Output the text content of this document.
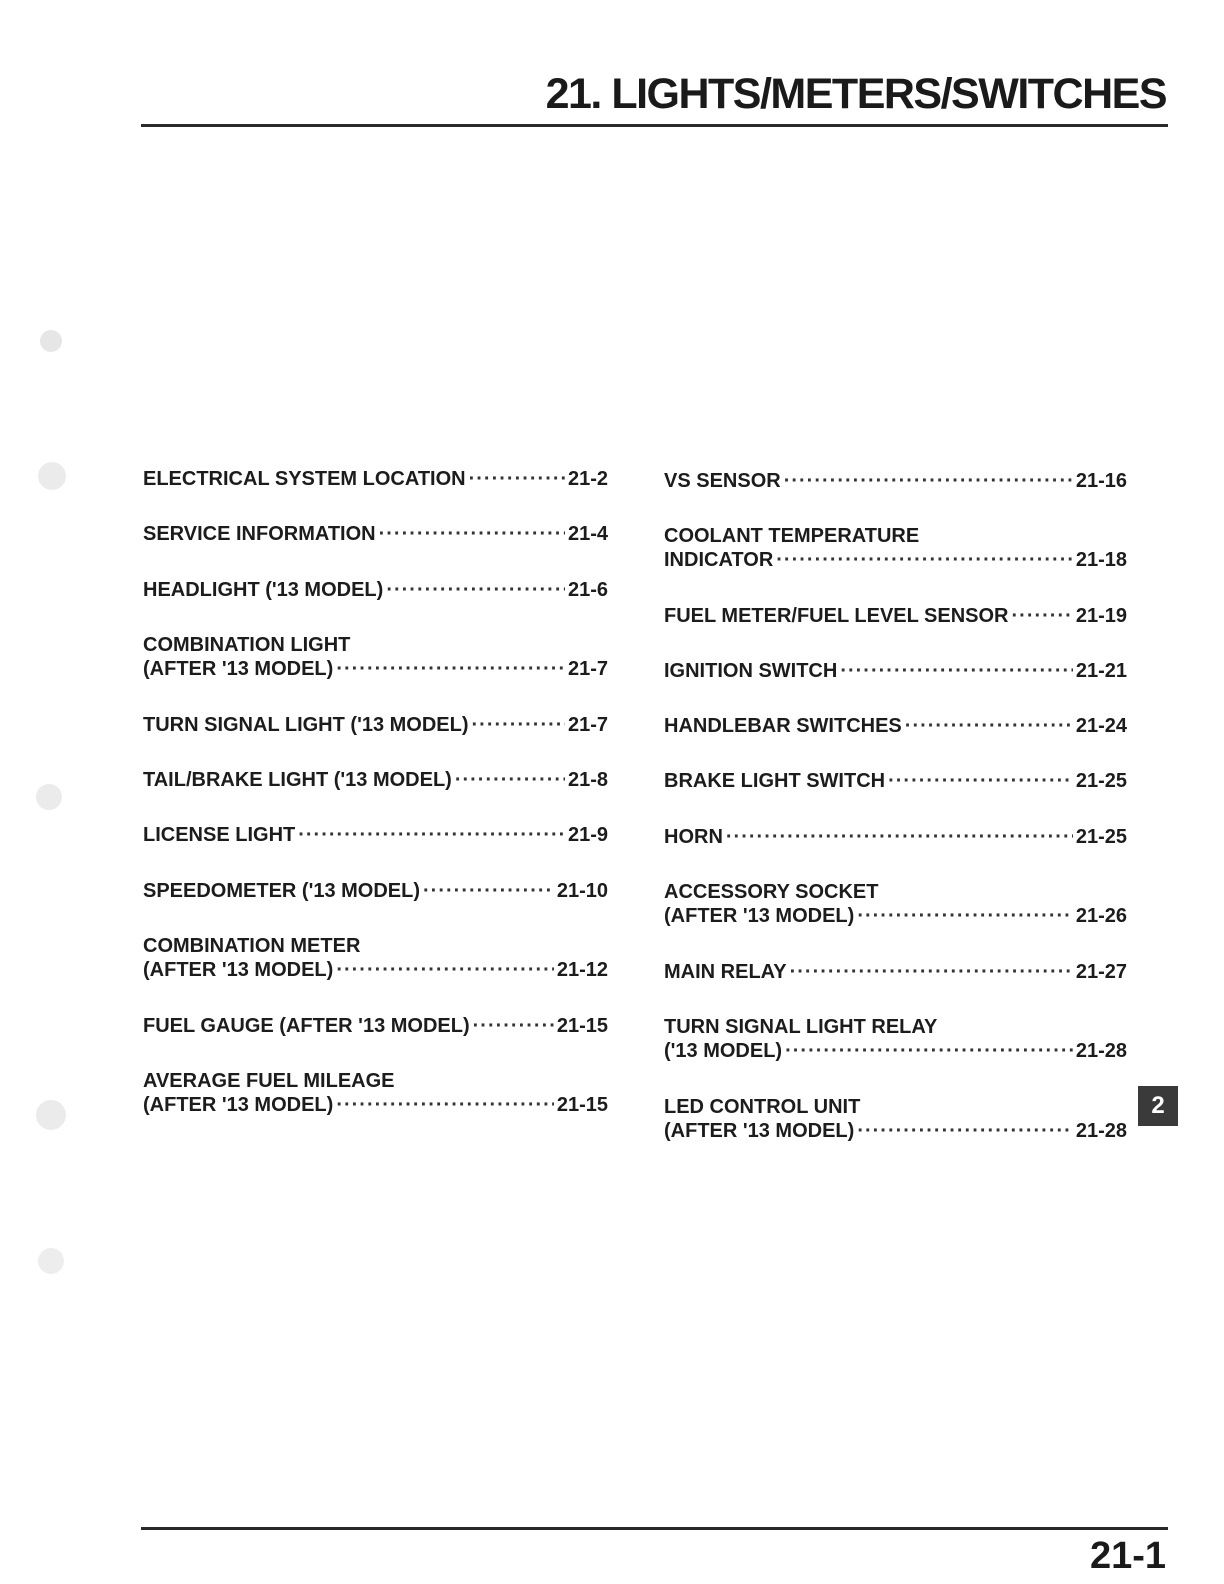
21. LIGHTS/METERS/SWITCHES
ELECTRICAL SYSTEM LOCATION ·····	21-2
SERVICE INFORMATION ·····	21-4
HEADLIGHT ('13 MODEL) ·····	21-6
COMBINATION LIGHT
(AFTER '13 MODEL) ·····	21-7
TURN SIGNAL LIGHT ('13 MODEL) ·····	21-7
TAIL/BRAKE LIGHT ('13 MODEL) ·····	21-8
LICENSE LIGHT ·····	21-9
SPEEDOMETER ('13 MODEL) ·····	21-10
COMBINATION METER
(AFTER '13 MODEL) ·····	21-12
FUEL GAUGE (AFTER '13 MODEL) ·····	21-15
AVERAGE FUEL MILEAGE
(AFTER '13 MODEL) ·····	21-15
VS SENSOR ·····	21-16
COOLANT TEMPERATURE
INDICATOR ·····	21-18
FUEL METER/FUEL LEVEL SENSOR ·····	21-19
IGNITION SWITCH ·····	21-21
HANDLEBAR SWITCHES ·····	21-24
BRAKE LIGHT SWITCH ·····	21-25
HORN ·····	21-25
ACCESSORY SOCKET
(AFTER '13 MODEL) ·····	21-26
MAIN RELAY ·····	21-27
TURN SIGNAL LIGHT RELAY
('13 MODEL) ·····	21-28
LED CONTROL UNIT
(AFTER '13 MODEL) ·····	21-28
2
21-1
